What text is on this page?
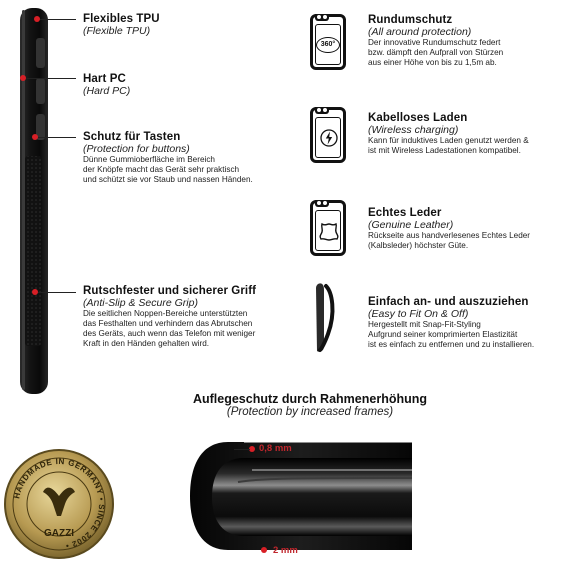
Flexibles TPU
(Flexible TPU)
Hart PC
(Hard PC)
Schutz für Tasten
(Protection for buttons)
Dünne Gummioberfläche im Bereich
der Knöpfe macht das Gerät sehr praktisch
und schützt sie vor Staub und nassen Händen.
Rutschfester und sicherer Griff
(Anti-Slip & Secure Grip)
Die seitlichen Noppen-Bereiche unterstützten
das Festhalten und verhindern das Abrutschen
des Geräts, auch wenn das Telefon mit weniger
Kraft in den Händen gehalten wird.
360°
Rundumschutz
(All around protection)
Der innovative Rundumschutz federt
bzw. dämpft den Aufprall von Stürzen
aus einer Höhe von bis zu 1,5m ab.
Kabelloses Laden
(Wireless charging)
Kann für induktives Laden genutzt werden &
ist mit Wireless Ladestationen kompatibel.
Echtes Leder
(Genuine Leather)
Rückseite aus handverlesenes Echtes Leder
(Kalbsleder) höchster Güte.
Einfach an- und auszuziehen
(Easy to Fit On & Off)
Hergestellt mit Snap-Fit-Styling
Aufgrund seiner komprimierten Elastizität
ist es einfach zu entfernen und zu installieren.
Auflegeschutz durch Rahmenerhöhung
(Protection by increased frames)
0,8 mm
2 mm
HANDMADE IN GERMANY • SINCE 2002 •
GAZZI
